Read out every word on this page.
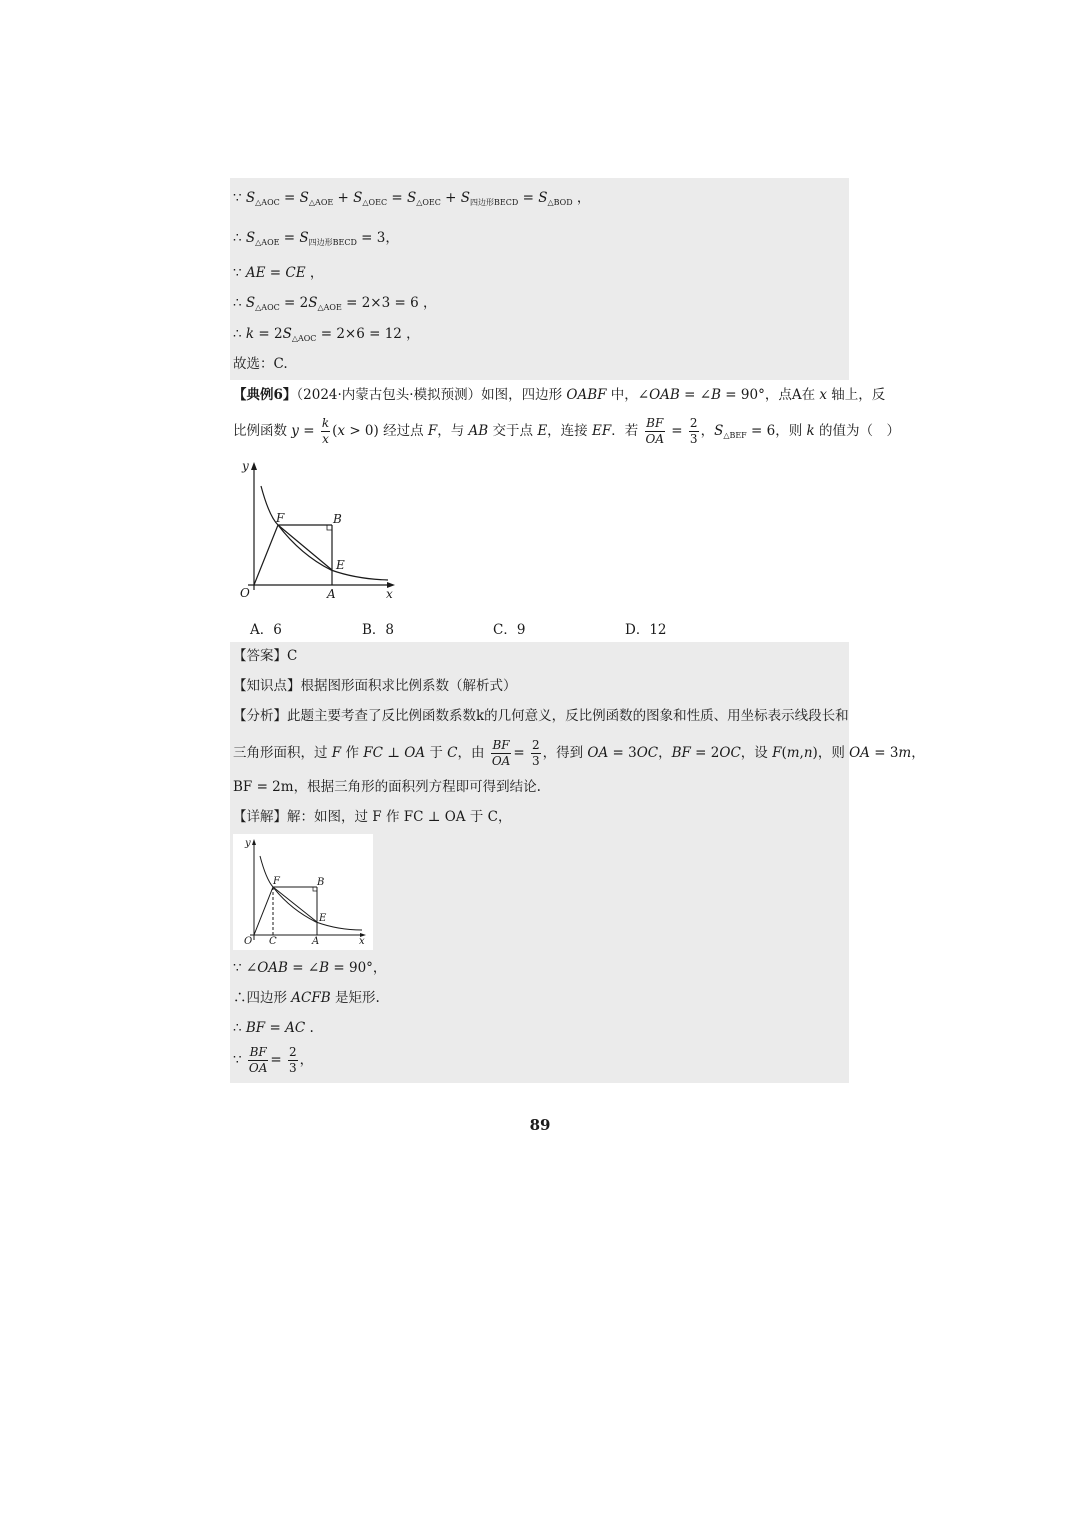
∵ $S_{\triangle AOC} = S_{\triangle AOE} + S_{\triangle OEC} = S_{\triangle OEC} + S_{四边形BECD} = S_{\triangle BOD}$ ，
∴ $S_{\triangle AOE} = S_{四边形BECD} = 3$，
∵ AE = CE ，
∴ $S_{\triangle AOC} = 2S_{\triangle AOE} = 2\times 3 = 6$ ，
∴ $k = 2S_{\triangle AOC} = 2\times 6 = 12$ ，
故选：C.
【典例6】（2024·内蒙古包头·模拟预测）如图，四边形 OABF 中，∠OAB = ∠B = 90°，点A在 x 轴上，反
比例函数 $y = \frac{k}{x} (x > 0)$ 经过点 F，与 AB 交于点 E，连接 EF．若 $\frac{BF}{OA} = \frac{2}{3}$ ，$S_{\triangle BEF} = 6$，则 k 的值为（　）
y
x
O	A
B
E
F
A．6	B．8	C．9	D．12
【答案】C
【知识点】根据图形面积求比例系数（解析式）
【分析】此题主要考查了反比例函数系数k的几何意义，反比例函数的图象和性质、用坐标表示线段长和
三角形面积，过 F 作 FC ⊥ OA 于 C，由 $\frac{BF}{OA} = \frac{2}{3}$ ，得到 OA = 3OC，BF = 2OC，设 F(m,n)，则 OA = 3m，
BF = 2m，根据三角形的面积列方程即可得到结论.
【详解】解：如图，过 F 作 FC ⊥ OA 于 C，
y
x
O C	A
B
E
F
∵ ∠OAB = ∠B = 90°，
∴四边形 ACFB 是矩形.
∴ BF = AC .
∵ $\frac{BF}{OA} = \frac{2}{3}$ ，
89
